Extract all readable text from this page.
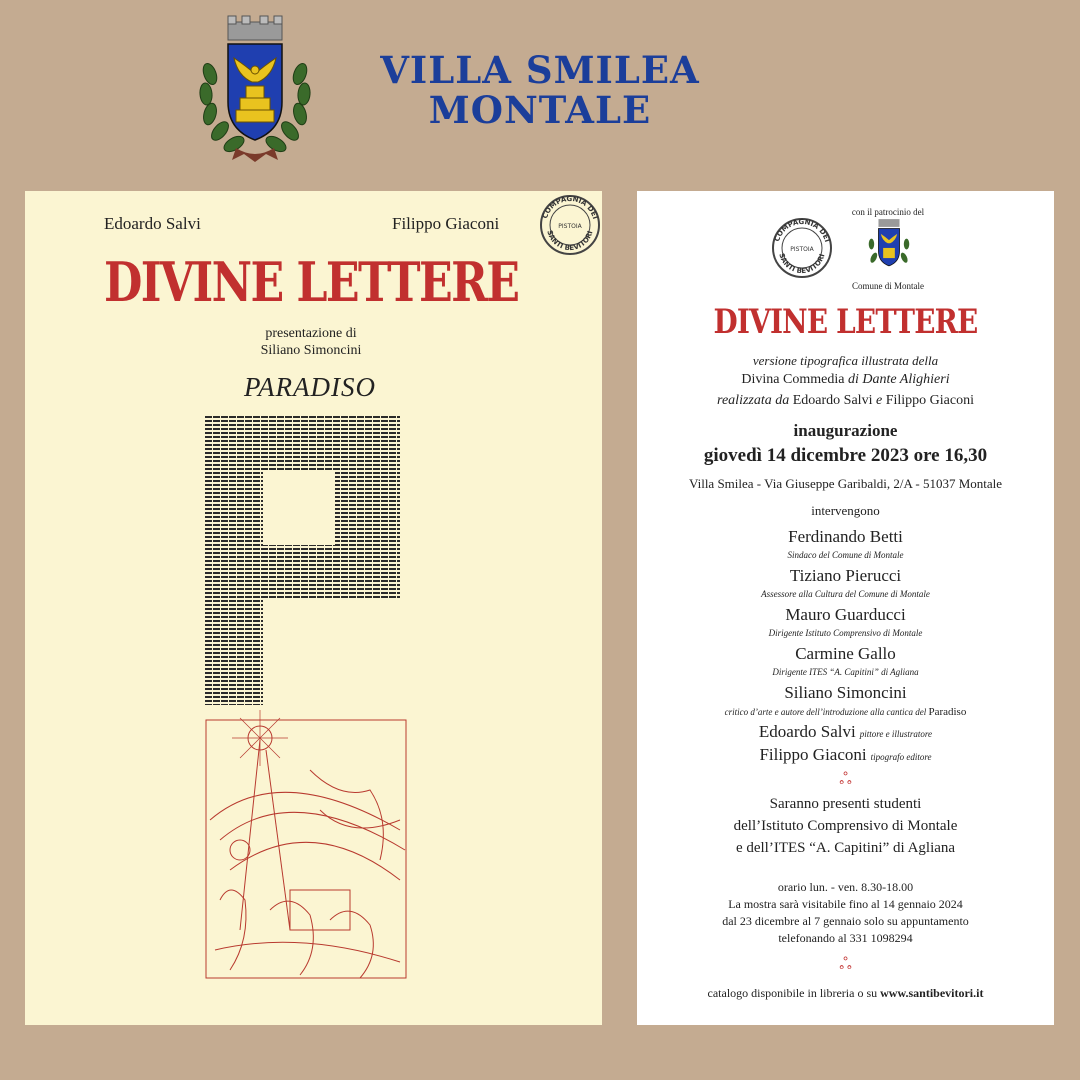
VILLA SMILEA
MONTALE
Edoardo Salvi	Filippo Giaconi	COMPAGNIA DEI
SANTI BEVITORI
PISTOIA
DIVINE LETTERE
presentazione di
Siliano Simoncini
PARADISO
con il patrocinio del
COMPAGNIA DEI
SANTI BEVITORI
PISTOIA
Comune di Montale
DIVINE LETTERE
versione tipografica illustrata della
Divina Commedia di Dante Alighieri
realizzata da Edoardo Salvi e Filippo Giaconi
inaugurazione
giovedì 14 dicembre 2023 ore 16,30
Villa Smilea - Via Giuseppe Garibaldi, 2/A - 51037 Montale
intervengono
Ferdinando Betti
Sindaco del Comune di Montale
Tiziano Pierucci
Assessore alla Cultura del Comune di Montale
Mauro Guarducci
Dirigente Istituto Comprensivo di Montale
Carmine Gallo
Dirigente ITES “A. Capitini” di Agliana
Siliano Simoncini
critico d’arte e autore dell’introduzione alla cantica del Paradiso
Edoardo Salvi pittore e illustratore
Filippo Giaconi tipografo editore
ஃ
Saranno presenti studenti
dell’Istituto Comprensivo di Montale
e dell’ITES “A. Capitini” di Agliana
orario lun. - ven. 8.30-18.00
La mostra sarà visitabile fino al 14 gennaio 2024
dal 23 dicembre al 7 gennaio solo su appuntamento
telefonando al 331 1098294
ஃ
catalogo disponibile in libreria o su www.santibevitori.it
